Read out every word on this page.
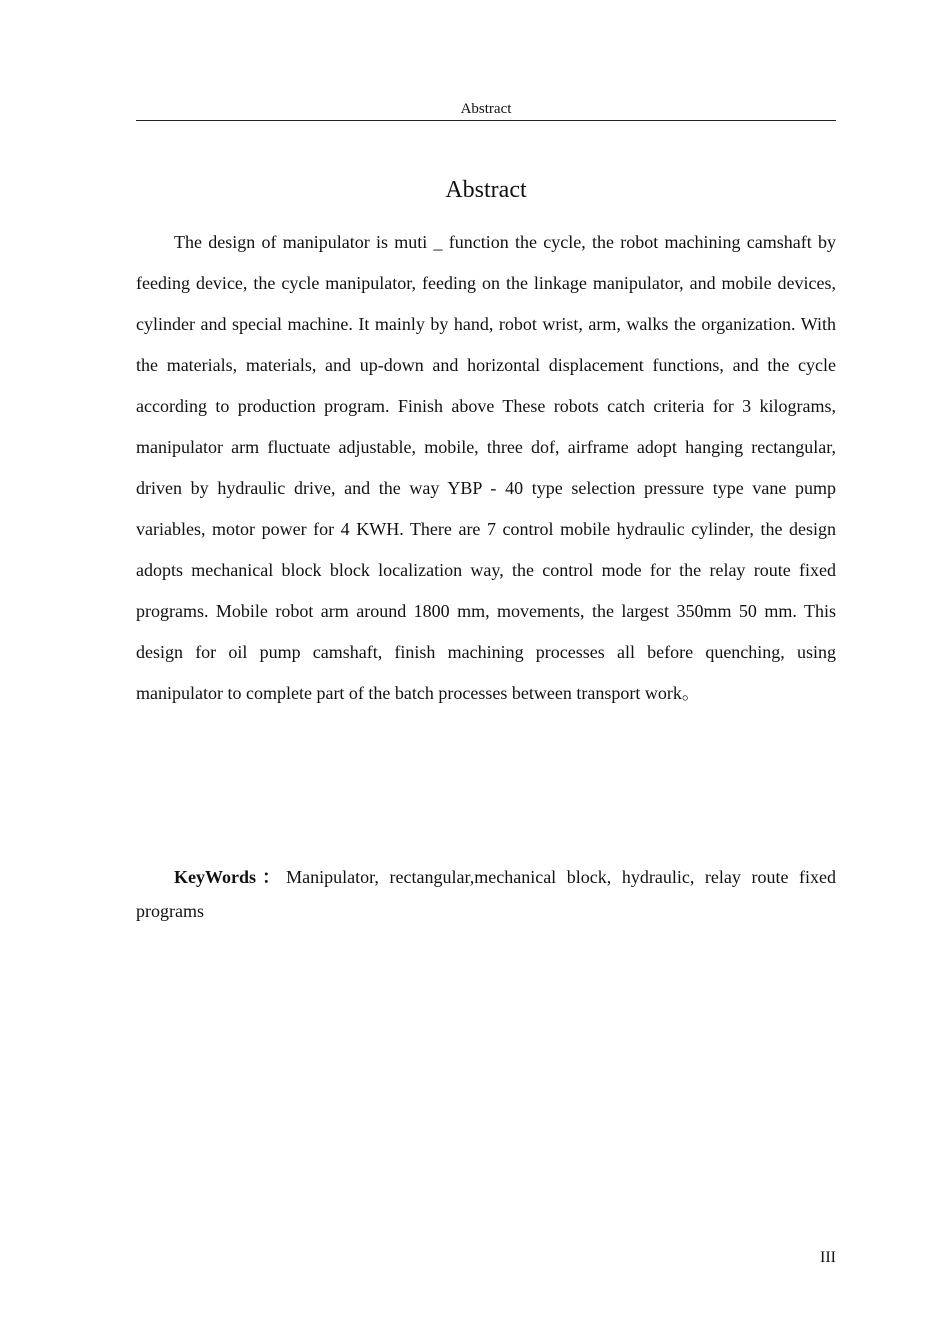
Abstract
Abstract

The design of manipulator is muti _ function the cycle, the robot machining camshaft by feeding device, the cycle manipulator, feeding on the linkage manipulator, and mobile devices, cylinder and special machine. It mainly by hand, robot wrist, arm, walks the organization. With the materials, materials, and up-down and horizontal displacement functions, and the cycle according to production program. Finish above These robots catch criteria for 3 kilograms, manipulator arm fluctuate adjustable, mobile, three dof, airframe adopt hanging rectangular, driven by hydraulic drive, and the way YBP - 40 type selection pressure type vane pump variables, motor power for 4 KWH. There are 7 control mobile hydraulic cylinder, the design adopts mechanical block block localization way, the control mode for the relay route fixed programs. Mobile robot arm around 1800 mm, movements, the largest 350mm 50 mm. This design for oil pump camshaft, finish machining processes all before quenching, using manipulator to complete part of the batch processes between transport work。

KeyWords：Manipulator, rectangular,mechanical block, hydraulic, relay route fixed programs

III
